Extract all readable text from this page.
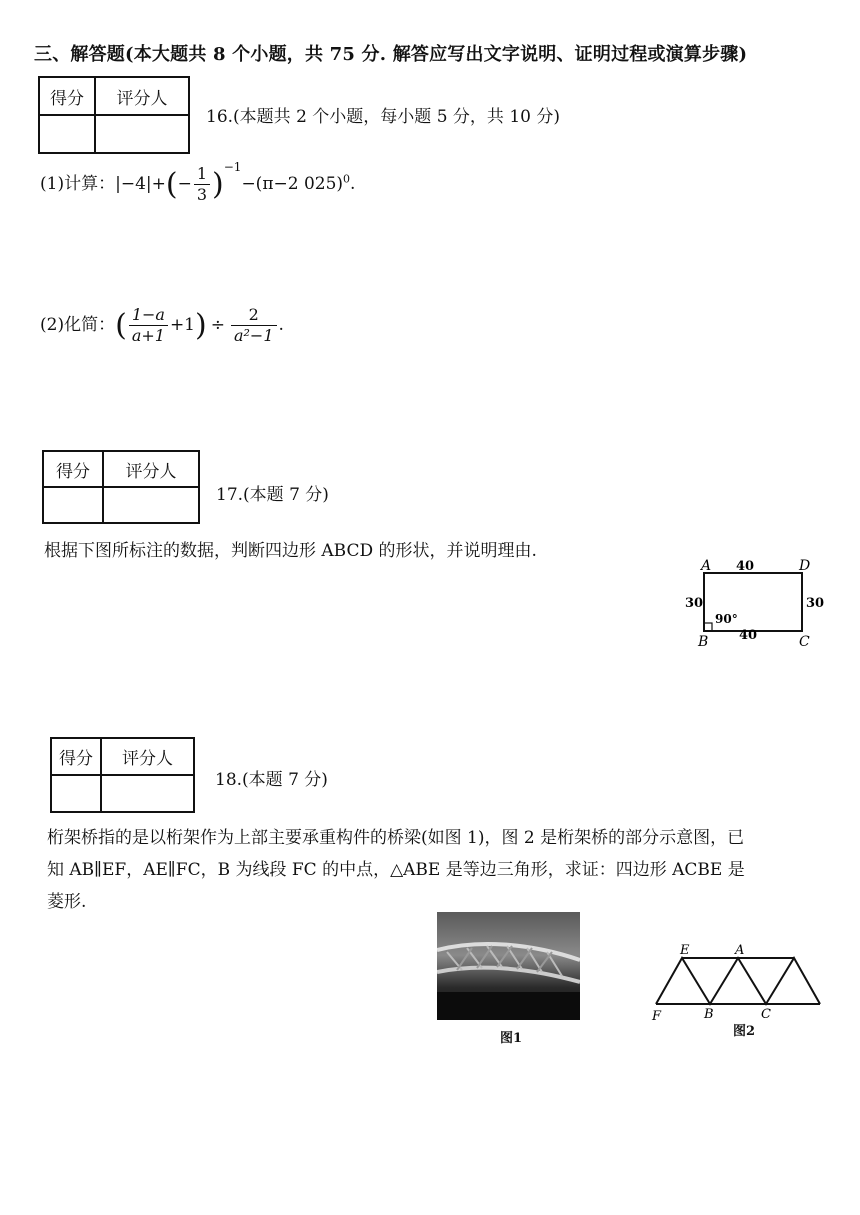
三、解答题(本大题共 8 个小题，共 75 分. 解答应写出文字说明、证明过程或演算步骤)
得分	评分人

16.(本题共 2 个小题，每小题 5 分，共 10 分)
(1)计算：$|-4|+(- \frac{1}{3} )^{-1}-(\pi-2$ 025)$^0$.
(2)化简：( $\frac{1-a}{a+1} +1) \div \frac{2}{\text{a²−1}}$ .
得分	评分人

17.(本题 7 分)
根据下图所标注的数据，判断四边形 ABCD 的形状，并说明理由.
A	D
B	C
40
40
30	30
90°
得分	评分人

18.(本题 7 分)
桁架桥指的是以桁架作为上部主要承重构件的桥梁(如图 1)，图 2 是桁架桥的部分示意图，已
知 AB∥EF，AE∥FC，B 为线段 FC 的中点，△ABE 是等边三角形，求证：四边形 ACBE 是
菱形.
图1
E	A
F	B	C
图2
